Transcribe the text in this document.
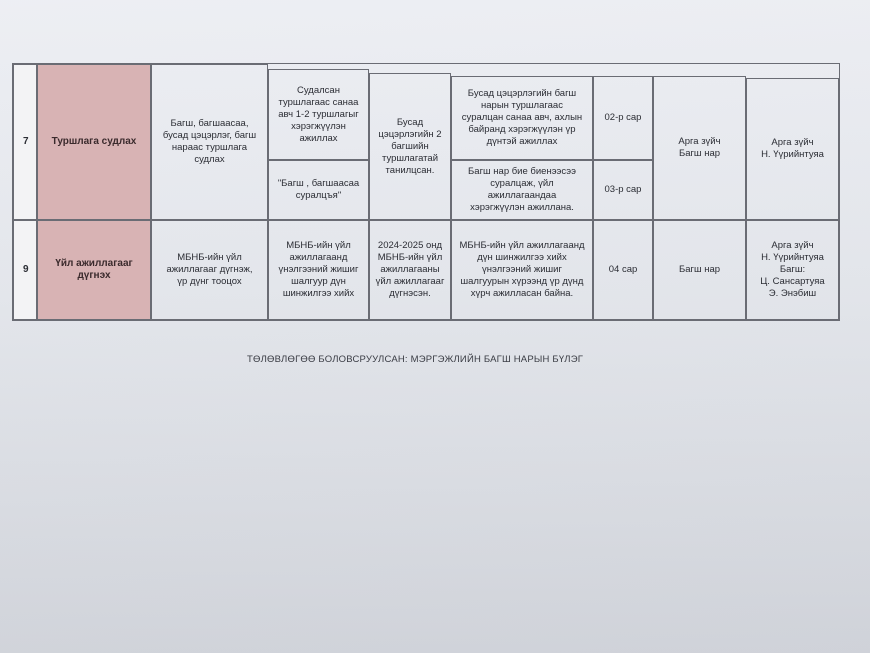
7	Туршлага судлах
Багш, багшаасаа,
бусад цэцэрлэг, багш
нараас туршлага
судлах
Судалсан
туршлагаас санаа
авч 1-2 туршлагыг
хэрэгжүүлэн
ажиллах
"Багш , багшаасаа
суралцъя"
Бусад
цэцэрлэгийн 2
багшийн
туршлагатай
танилцсан.
Бусад цэцэрлэгийн багш
нарын туршлагаас
суралцан санаа авч, ахлын
байранд хэрэгжүүлэн үр
дүнтэй ажиллах
02-р сар
Багш нар бие биенээсээ
суралцаж, үйл
ажиллагаандаа
хэрэгжүүлэн ажиллана.
03-р сар
Арга зүйч
Багш нар
Арга зүйч
Н. Үүрийнтуяа
9
Үйл ажиллагааг
дүгнэх
МБНБ-ийн үйл
ажиллагааг дүгнэж,
үр дүнг тооцох
МБНБ-ийн үйл
ажиллагаанд
үнэлгээний жишиг
шалгуур дүн
шинжилгээ хийх
2024-2025 онд
МБНБ-ийн үйл
ажиллагааны
үйл ажиллагааг
дүгнэсэн.
МБНБ-ийн үйл ажиллагаанд
дүн шинжилгээ хийх
үнэлгээний жишиг
шалгуурын хүрээнд үр дүнд
хүрч ажилласан байна.
04 сар	Багш нар
Арга зүйч
Н. Үүрийнтуяа
Багш:
Ц. Сансартуяа
Э. Энэбиш
ТӨЛӨВЛӨГӨӨ БОЛОВСРУУЛСАН: МЭРГЭЖЛИЙН БАГШ НАРЫН БҮЛЭГ
